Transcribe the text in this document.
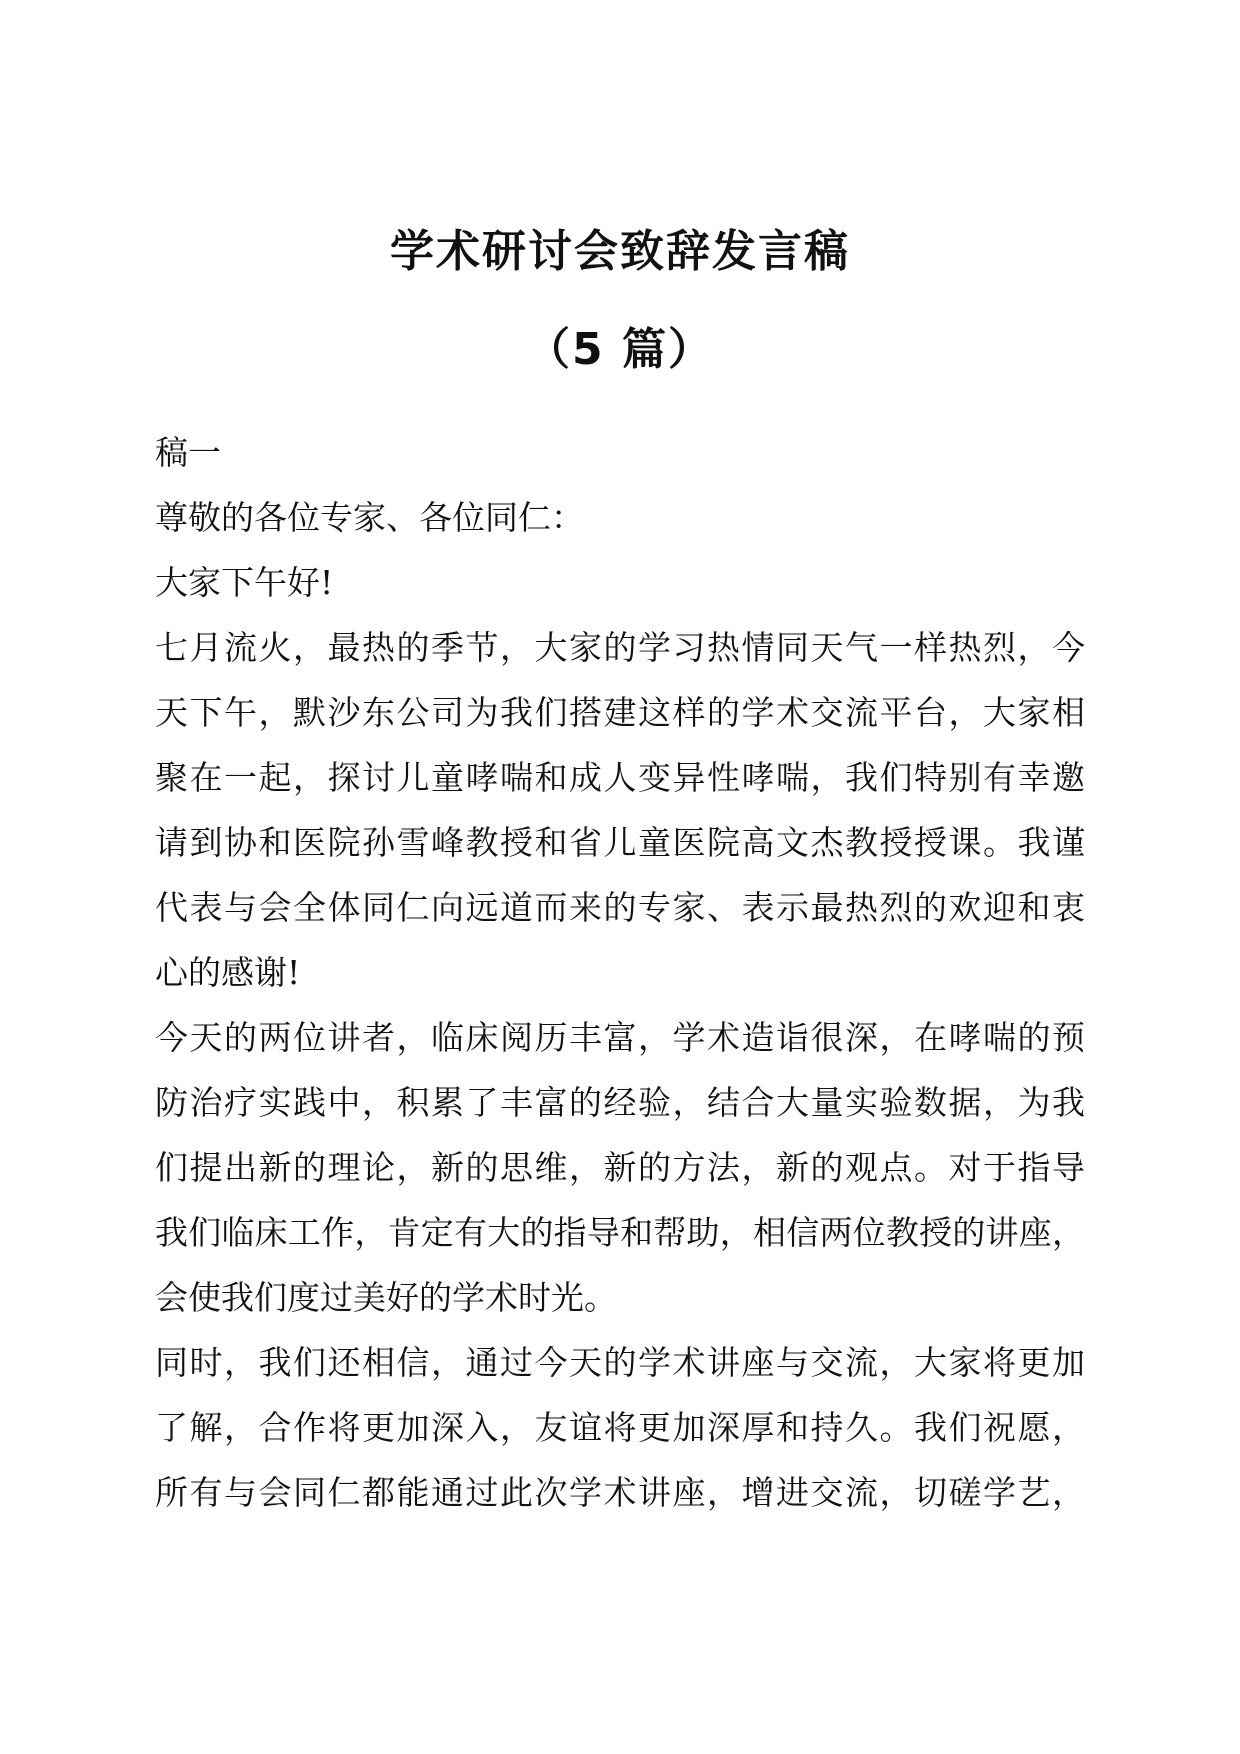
学术研讨会致辞发言稿
（5 篇）
稿一
尊敬的各位专家、各位同仁：
大家下午好!
七月流火，最热的季节，大家的学习热情同天气一样热烈，今
天下午，默沙东公司为我们搭建这样的学术交流平台，大家相
聚在一起，探讨儿童哮喘和成人变异性哮喘，我们特别有幸邀
请到协和医院孙雪峰教授和省儿童医院高文杰教授授课。我谨
代表与会全体同仁向远道而来的专家、表示最热烈的欢迎和衷
心的感谢!
今天的两位讲者，临床阅历丰富，学术造诣很深，在哮喘的预
防治疗实践中，积累了丰富的经验，结合大量实验数据，为我
们提出新的理论，新的思维，新的方法，新的观点。对于指导
我们临床工作，肯定有大的指导和帮助，相信两位教授的讲座，
会使我们度过美好的学术时光。
同时，我们还相信，通过今天的学术讲座与交流，大家将更加
了解，合作将更加深入，友谊将更加深厚和持久。我们祝愿，
所有与会同仁都能通过此次学术讲座，增进交流，切磋学艺，
